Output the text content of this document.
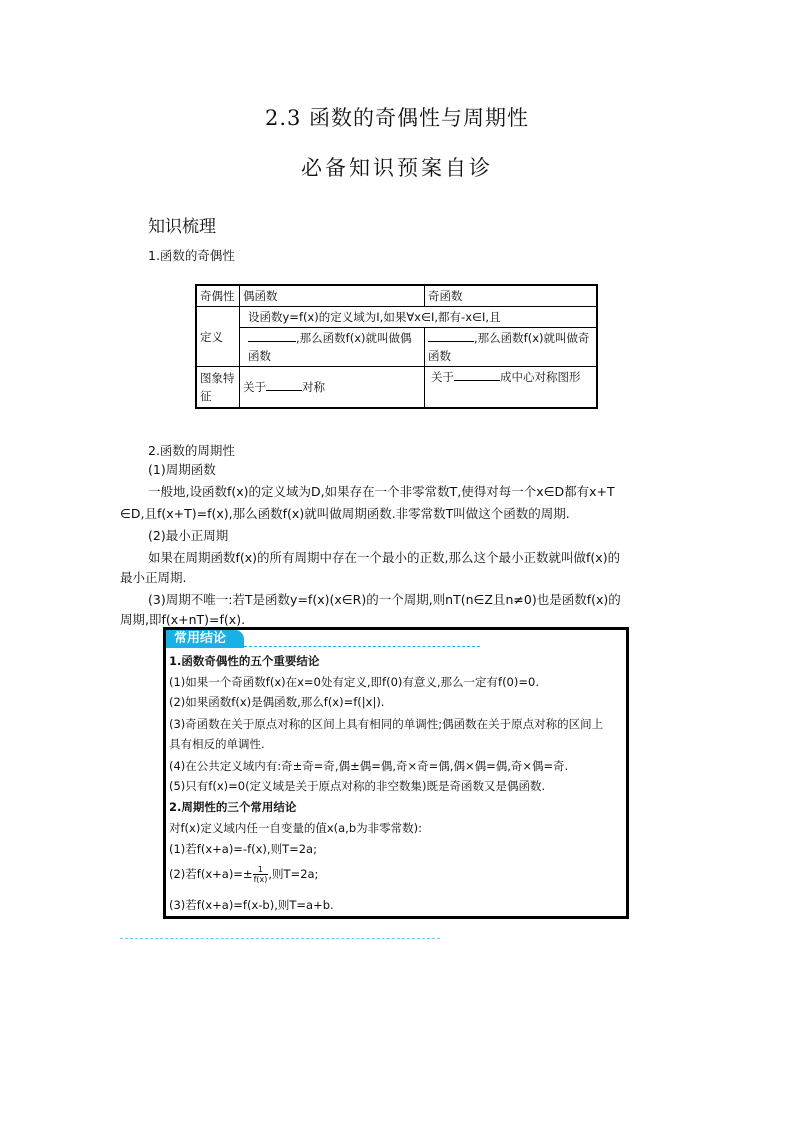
2.3 函数的奇偶性与周期性
必备知识预案自诊
知识梳理
1.函数的奇偶性
奇偶性	偶函数	奇函数
定义	设函数y=f(x)的定义域为I,如果∀x∈I,都有-x∈I,且	
	,那么函数f(x)就叫做偶函数	,那么函数f(x)就叫做奇函数
图象特征	关于 对称	关于 成中心对称图形
2.函数的周期性
(1)周期函数
一般地,设函数f(x)的定义域为D,如果存在一个非零常数T,使得对每一个x∈D都有x+T
∈D,且f(x+T)=f(x),那么函数f(x)就叫做周期函数.非零常数T叫做这个函数的周期.
(2)最小正周期
如果在周期函数f(x)的所有周期中存在一个最小的正数,那么这个最小正数就叫做f(x)的
最小正周期.
(3)周期不唯一:若T是函数y=f(x)(x∈R)的一个周期,则nT(n∈Z且n≠0)也是函数f(x)的
周期,即f(x+nT)=f(x).
常用结论
1.函数奇偶性的五个重要结论
(1)如果一个奇函数f(x)在x=0处有定义,即f(0)有意义,那么一定有f(0)=0.
(2)如果函数f(x)是偶函数,那么f(x)=f(|x|).
(3)奇函数在关于原点对称的区间上具有相同的单调性;偶函数在关于原点对称的区间上
具有相反的单调性.
(4)在公共定义域内有:奇±奇=奇,偶±偶=偶,奇×奇=偶,偶×偶=偶,奇×偶=奇.
(5)只有f(x)=0(定义域是关于原点对称的非空数集)既是奇函数又是偶函数.
2.周期性的三个常用结论
对f(x)定义域内任一自变量的值x(a,b为非零常数):
(1)若f(x+a)=-f(x),则T=2a;
(2)若$f(x+a)=\pm \frac{1}{f(x)}$ ,则T=2a;
(3)若f(x+a)=f(x-b),则T=a+b.
